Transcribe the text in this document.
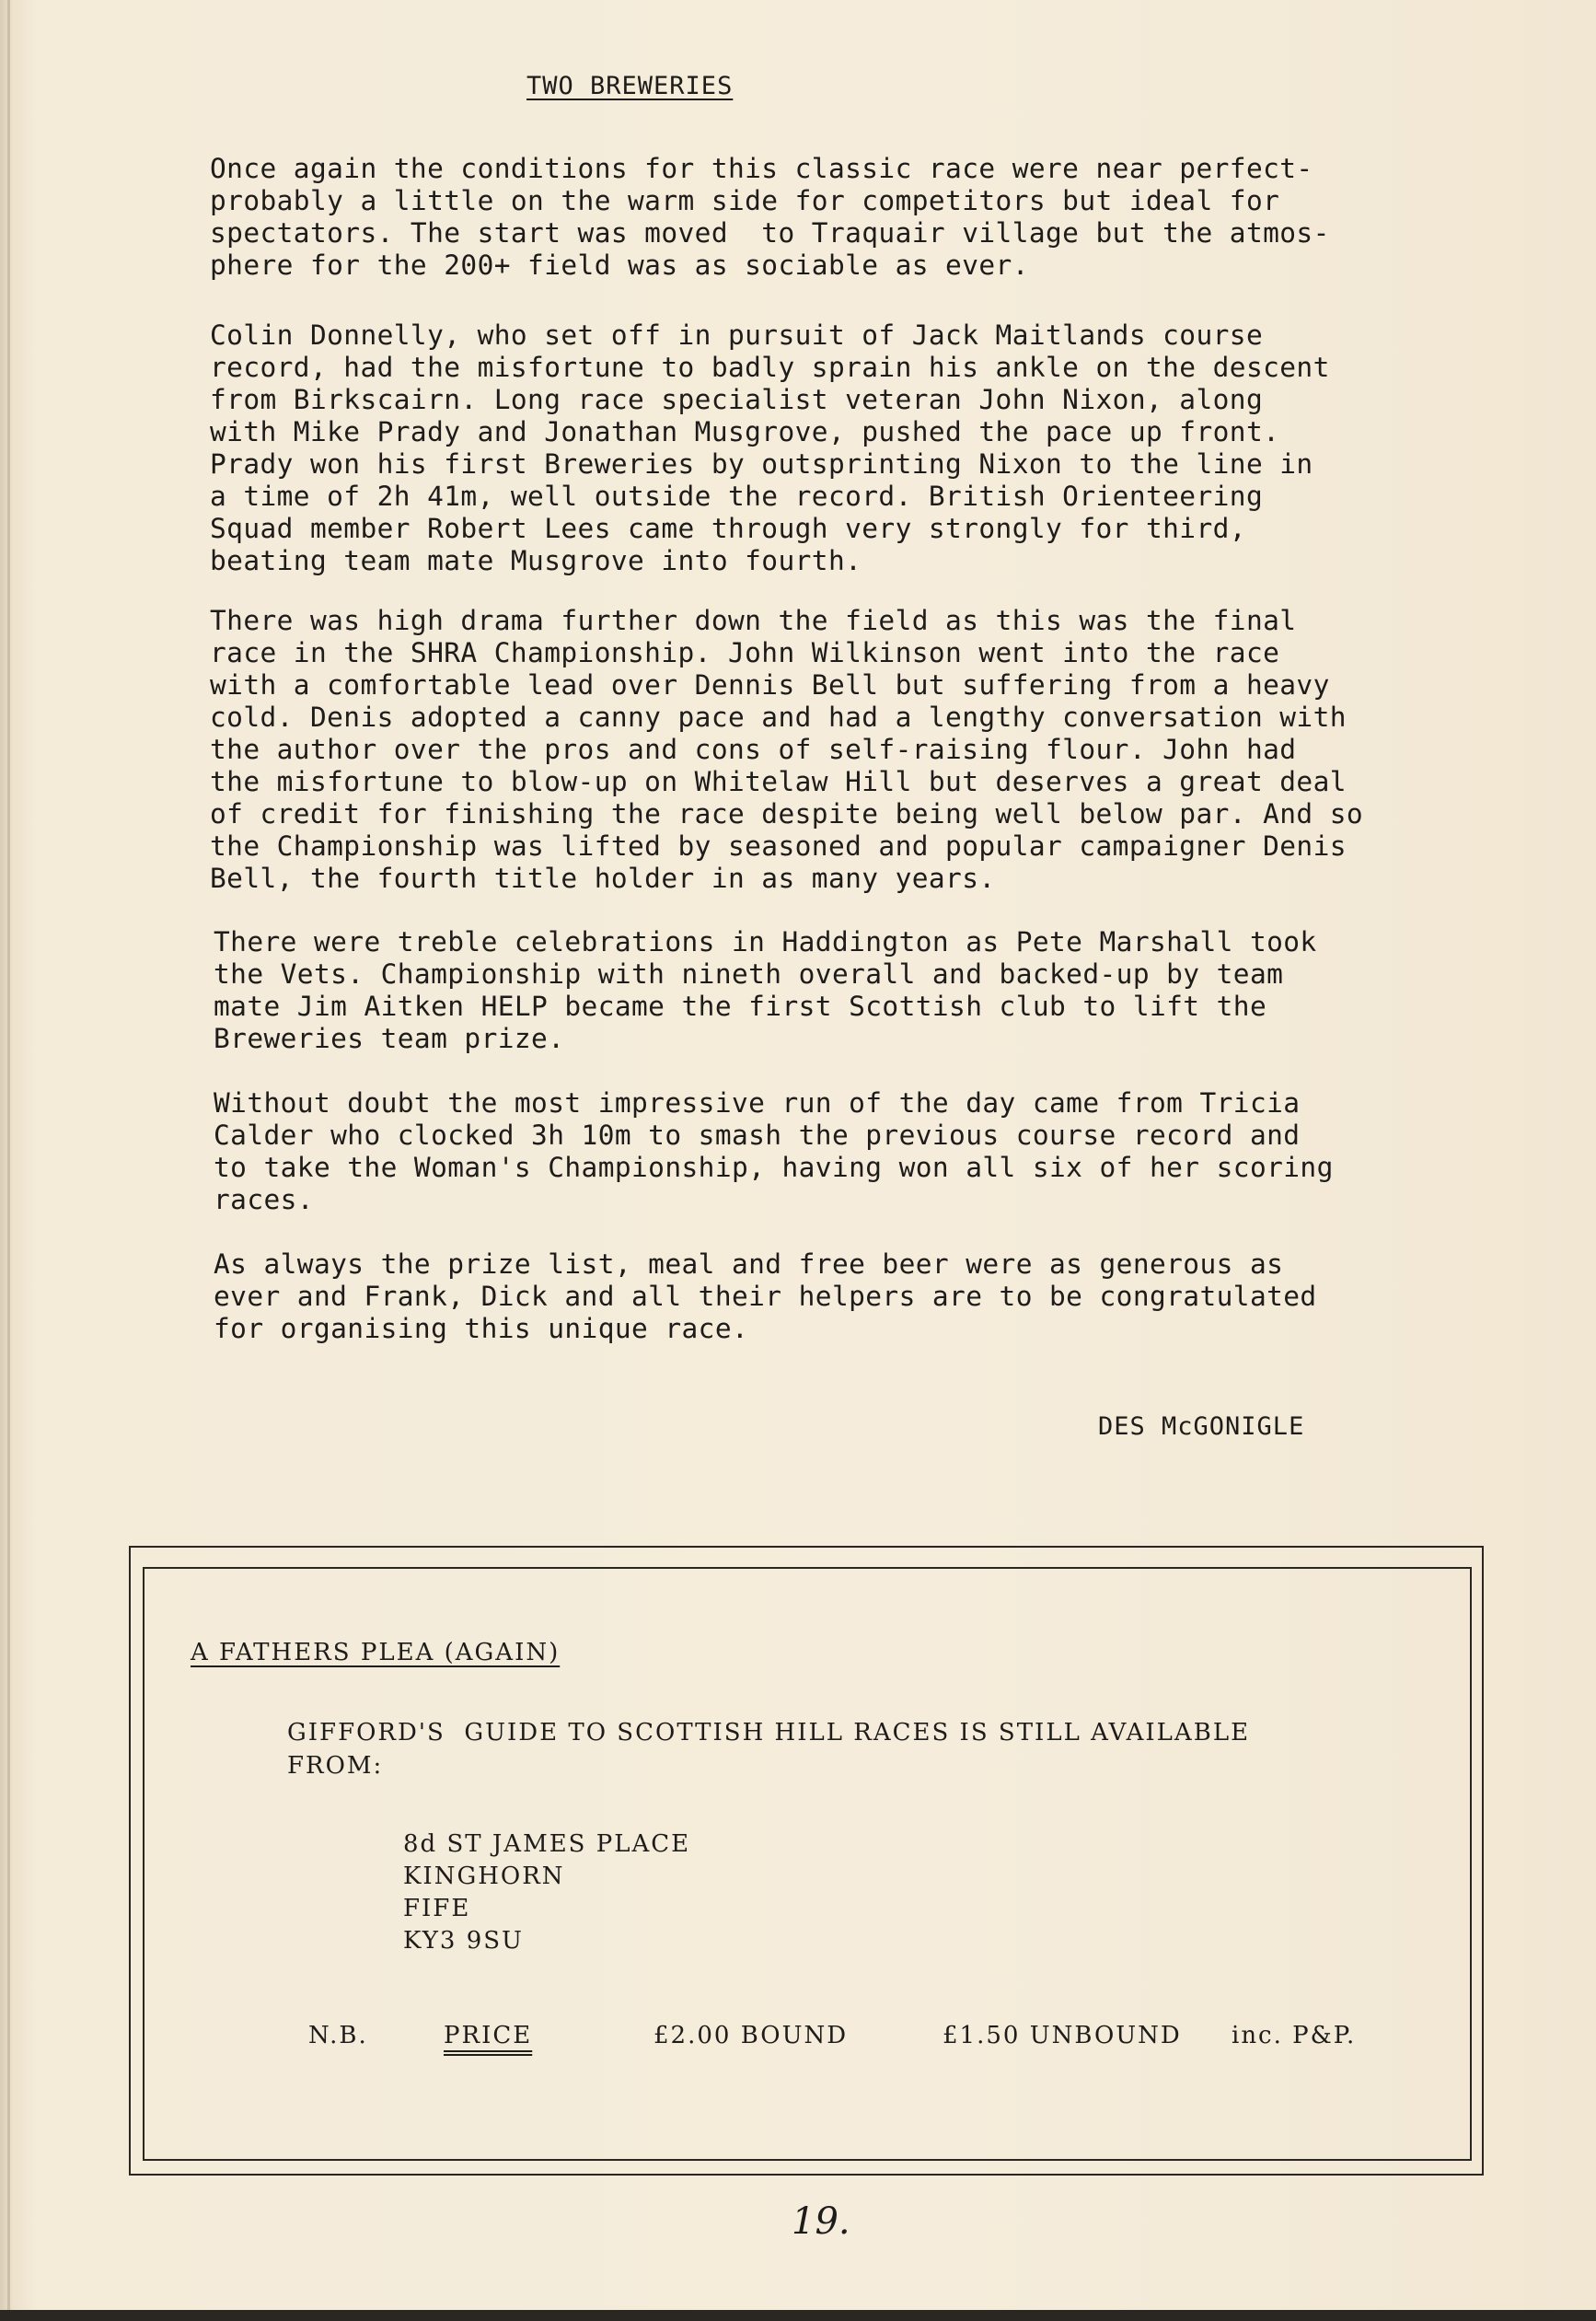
TWO BREWERIES
Once again the conditions for this classic race were near perfect-
probably a little on the warm side for competitors but ideal for
spectators. The start was moved  to Traquair village but the atmos-
phere for the 200+ field was as sociable as ever.
Colin Donnelly, who set off in pursuit of Jack Maitlands course
record, had the misfortune to badly sprain his ankle on the descent
from Birkscairn. Long race specialist veteran John Nixon, along
with Mike Prady and Jonathan Musgrove, pushed the pace up front.
Prady won his first Breweries by outsprinting Nixon to the line in
a time of 2h 41m, well outside the record. British Orienteering
Squad member Robert Lees came through very strongly for third,
beating team mate Musgrove into fourth.
There was high drama further down the field as this was the final
race in the SHRA Championship. John Wilkinson went into the race
with a comfortable lead over Dennis Bell but suffering from a heavy
cold. Denis adopted a canny pace and had a lengthy conversation with
the author over the pros and cons of self-raising flour. John had
the misfortune to blow-up on Whitelaw Hill but deserves a great deal
of credit for finishing the race despite being well below par. And so
the Championship was lifted by seasoned and popular campaigner Denis
Bell, the fourth title holder in as many years.
There were treble celebrations in Haddington as Pete Marshall took
the Vets. Championship with nineth overall and backed-up by team
mate Jim Aitken HELP became the first Scottish club to lift the
Breweries team prize.
Without doubt the most impressive run of the day came from Tricia
Calder who clocked 3h 10m to smash the previous course record and
to take the Woman's Championship, having won all six of her scoring
races.
As always the prize list, meal and free beer were as generous as
ever and Frank, Dick and all their helpers are to be congratulated
for organising this unique race.
DES McGONIGLE
A FATHERS PLEA (AGAIN)
GIFFORD'S  GUIDE TO SCOTTISH HILL RACES IS STILL AVAILABLE
FROM:
8d ST JAMES PLACE
KINGHORN
FIFE
KY3 9SU
N.B.	PRICE	£2.00 BOUND	£1.50 UNBOUND inc. P&P.
19.
